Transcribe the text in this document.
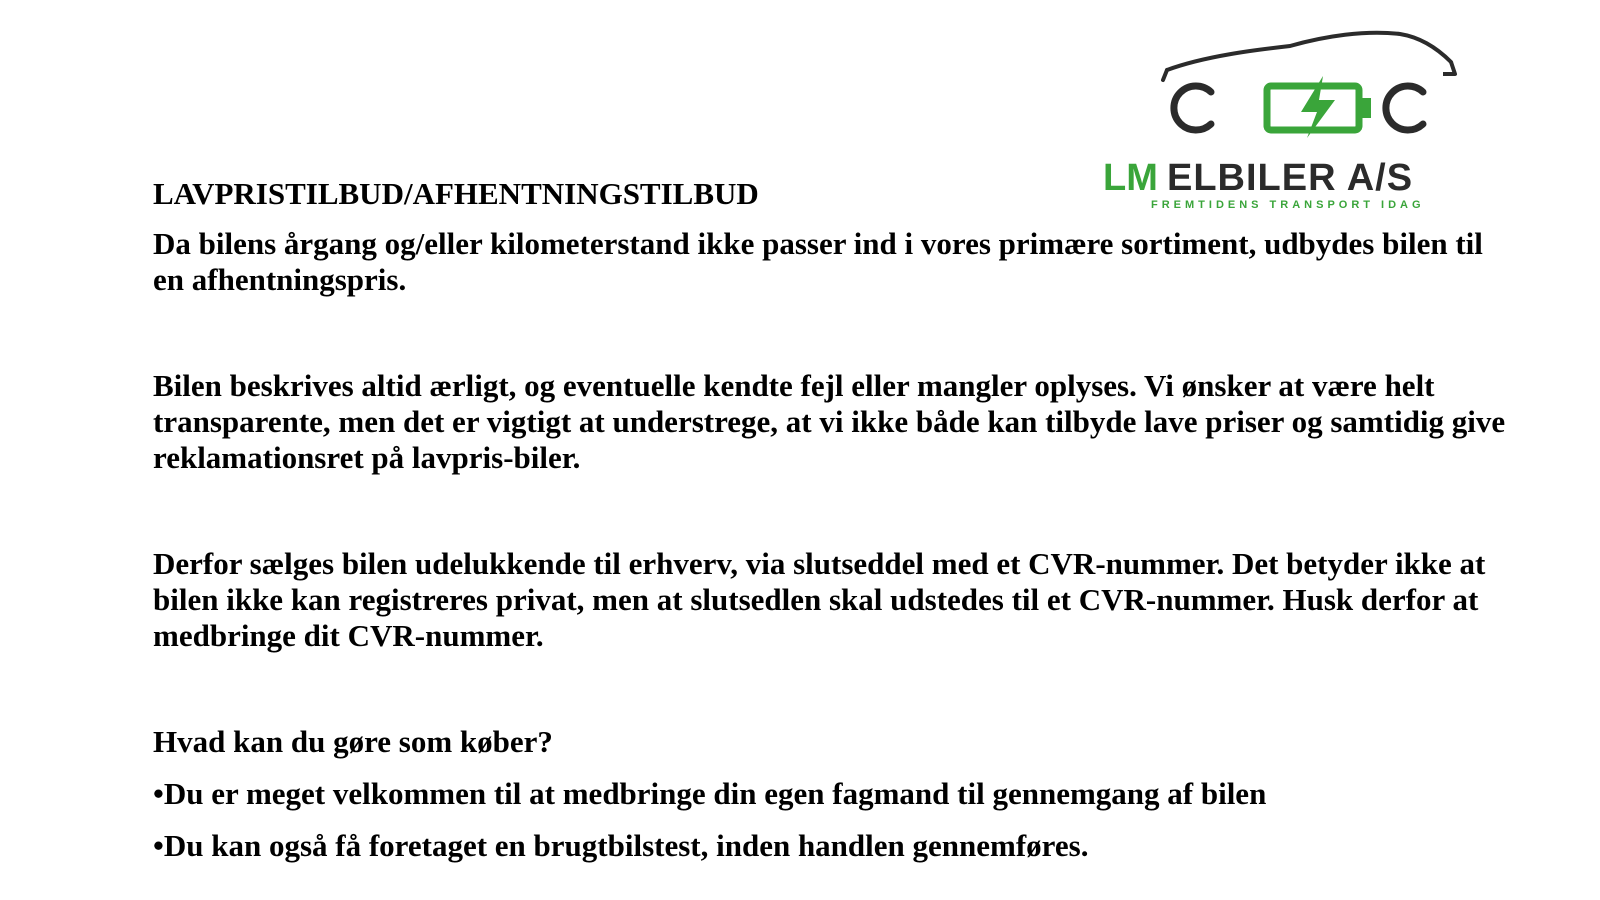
LM ELBILER A/S
FREMTIDENS TRANSPORT IDAG

LAVPRISTILBUD/AFHENTNINGSTILBUD

Da bilens årgang og/eller kilometerstand ikke passer ind i vores primære sortiment, udbydes bilen til en afhentningspris.

Bilen beskrives altid ærligt, og eventuelle kendte fejl eller mangler oplyses. Vi ønsker at være helt transparente, men det er vigtigt at understrege, at vi ikke både kan tilbyde lave priser og samtidig give reklamationsret på lavpris-biler.

Derfor sælges bilen udelukkende til erhverv, via slutseddel med et CVR-nummer. Det betyder ikke at bilen ikke kan registreres privat, men at slutsedlen skal udstedes til et CVR-nummer. Husk derfor at medbringe dit CVR-nummer.

Hvad kan du gøre som køber?

•Du er meget velkommen til at medbringe din egen fagmand til gennemgang af bilen

•Du kan også få foretaget en brugtbilstest, inden handlen gennemføres.
